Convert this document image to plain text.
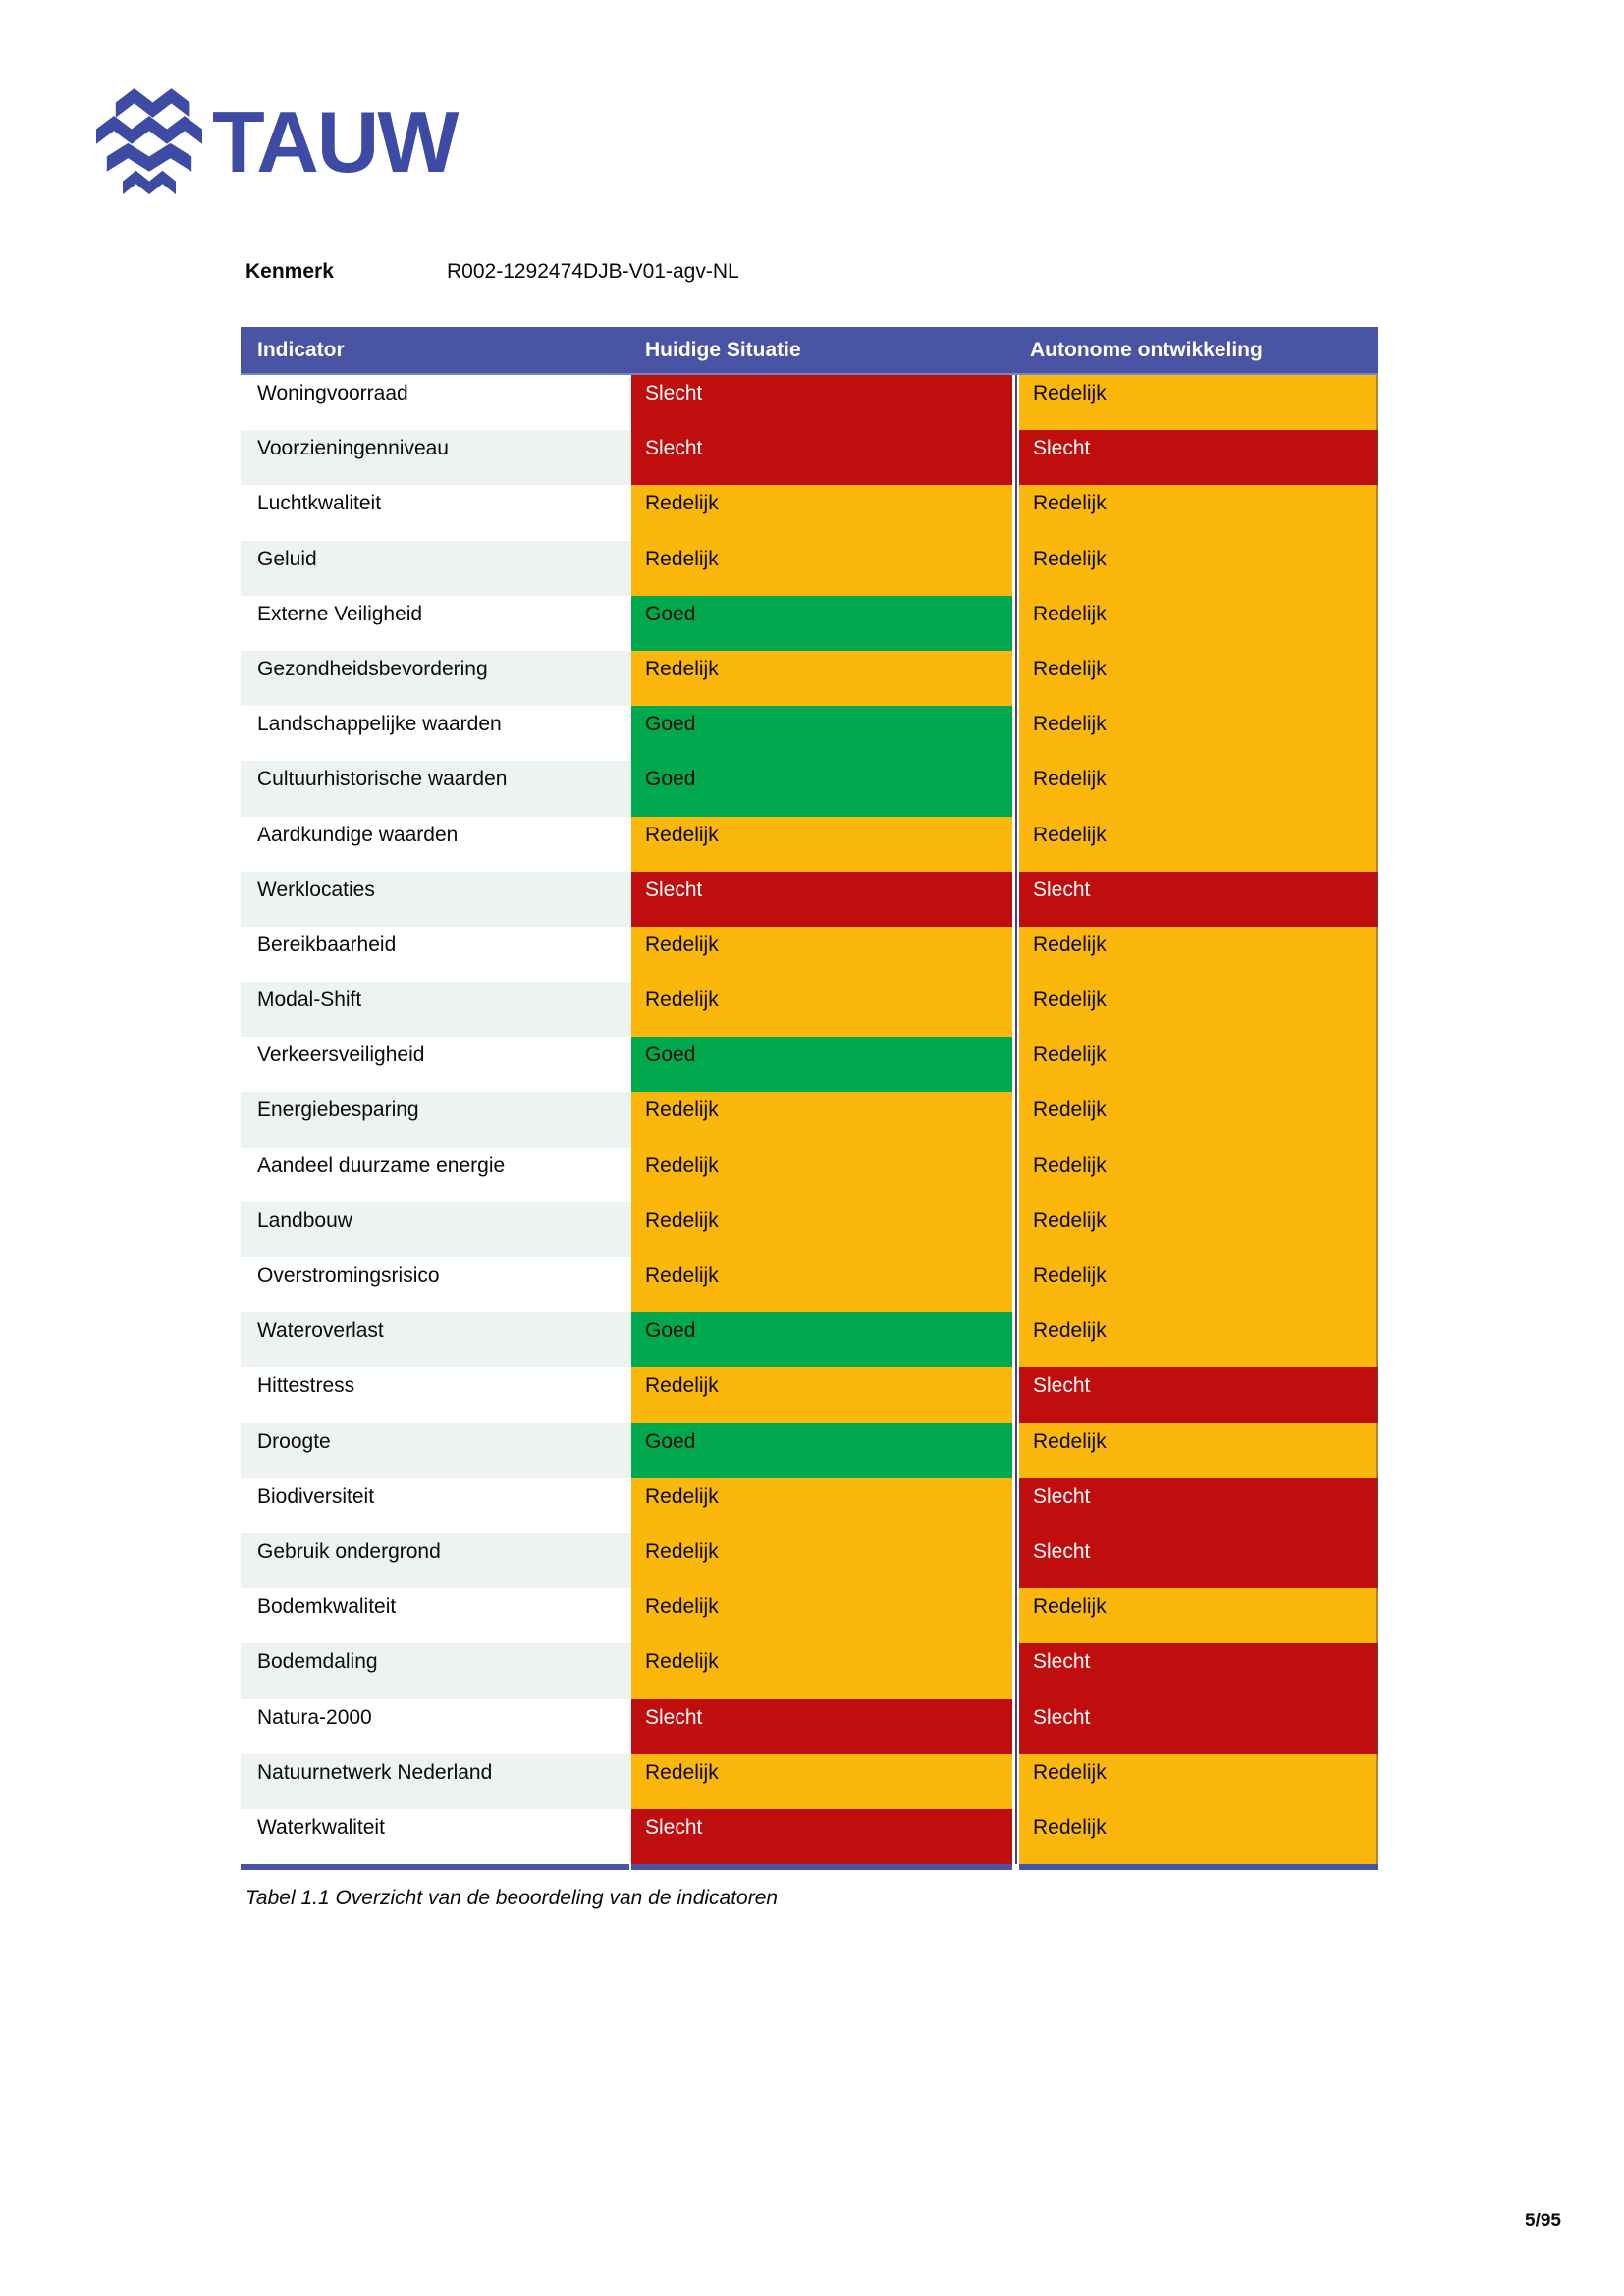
TAUW
Kenmerk	R002-1292474DJB-V01-agv-NL
Indicator	Huidige Situatie	Autonome ontwikkeling
Woningvoorraad	Slecht	Redelijk
Voorzieningenniveau	Slecht	Slecht
Luchtkwaliteit	Redelijk	Redelijk
Geluid	Redelijk	Redelijk
Externe Veiligheid	Goed	Redelijk
Gezondheidsbevordering	Redelijk	Redelijk
Landschappelijke waarden	Goed	Redelijk
Cultuurhistorische waarden	Goed	Redelijk
Aardkundige waarden	Redelijk	Redelijk
Werklocaties	Slecht	Slecht
Bereikbaarheid	Redelijk	Redelijk
Modal-Shift	Redelijk	Redelijk
Verkeersveiligheid	Goed	Redelijk
Energiebesparing	Redelijk	Redelijk
Aandeel duurzame energie	Redelijk	Redelijk
Landbouw	Redelijk	Redelijk
Overstromingsrisico	Redelijk	Redelijk
Wateroverlast	Goed	Redelijk
Hittestress	Redelijk	Slecht
Droogte	Goed	Redelijk
Biodiversiteit	Redelijk	Slecht
Gebruik ondergrond	Redelijk	Slecht
Bodemkwaliteit	Redelijk	Redelijk
Bodemdaling	Redelijk	Slecht
Natura-2000	Slecht	Slecht
Natuurnetwerk Nederland	Redelijk	Redelijk
Waterkwaliteit	Slecht	Redelijk
Tabel 1.1 Overzicht van de beoordeling van de indicatoren
5/95
